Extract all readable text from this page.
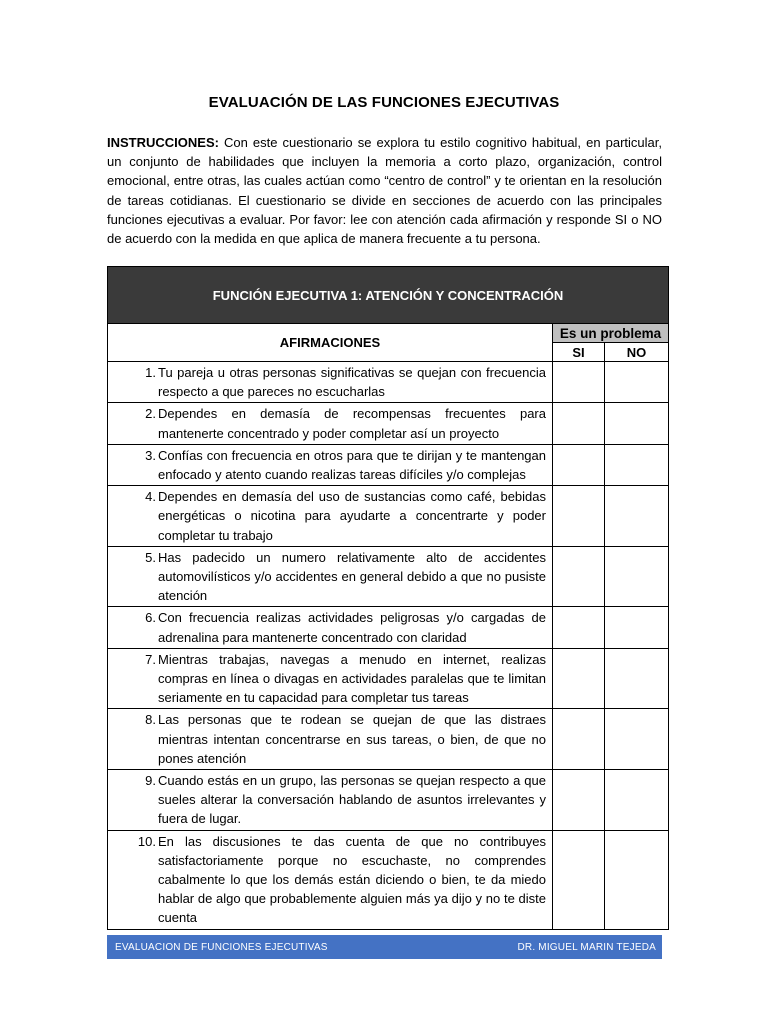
EVALUACIÓN DE LAS FUNCIONES EJECUTIVAS
INSTRUCCIONES: Con este cuestionario se explora tu estilo cognitivo habitual, en particular, un conjunto de habilidades que incluyen la memoria a corto plazo, organización, control emocional, entre otras, las cuales actúan como “centro de control” y te orientan en la resolución de tareas cotidianas. El cuestionario se divide en secciones de acuerdo con las principales funciones ejecutivas a evaluar. Por favor: lee con atención cada afirmación y responde SI o NO de acuerdo con la medida en que aplica de manera frecuente a tu persona.
FUNCIÓN EJECUTIVA 1: ATENCIÓN Y CONCENTRACIÓN		
AFIRMACIONES	Es un problema	
	SI	NO

1. Tu pareja u otras personas significativas se quejan con frecuencia respecto a que pareces no escucharlas		

2. Dependes en demasía de recompensas frecuentes para mantenerte concentrado y poder completar así un proyecto		

3. Confías con frecuencia en otros para que te dirijan y te mantengan enfocado y atento cuando realizas tareas difíciles y/o complejas		

4. Dependes en demasía del uso de sustancias como café, bebidas energéticas o nicotina para ayudarte a concentrarte y poder completar tu trabajo		

5. Has padecido un numero relativamente alto de accidentes automovilísticos y/o accidentes en general debido a que no pusiste atención		

6. Con frecuencia realizas actividades peligrosas y/o cargadas de adrenalina para mantenerte concentrado con claridad		

7. Mientras trabajas, navegas a menudo en internet, realizas compras en línea o divagas en actividades paralelas que te limitan seriamente en tu capacidad para completar tus tareas		

8. Las personas que te rodean se quejan de que las distraes mientras intentan concentrarse en sus tareas, o bien, de que no pones atención		

9. Cuando estás en un grupo, las personas se quejan respecto a que sueles alterar la conversación hablando de asuntos irrelevantes y fuera de lugar.		

10. En las discusiones te das cuenta de que no contribuyes satisfactoriamente porque no escuchaste, no comprendes cabalmente lo que los demás están diciendo o bien, te da miedo hablar de algo que probablemente alguien más ya dijo y no te diste cuenta		

EVALUACION DE FUNCIONES EJECUTIVAS	DR. MIGUEL MARIN TEJEDA
